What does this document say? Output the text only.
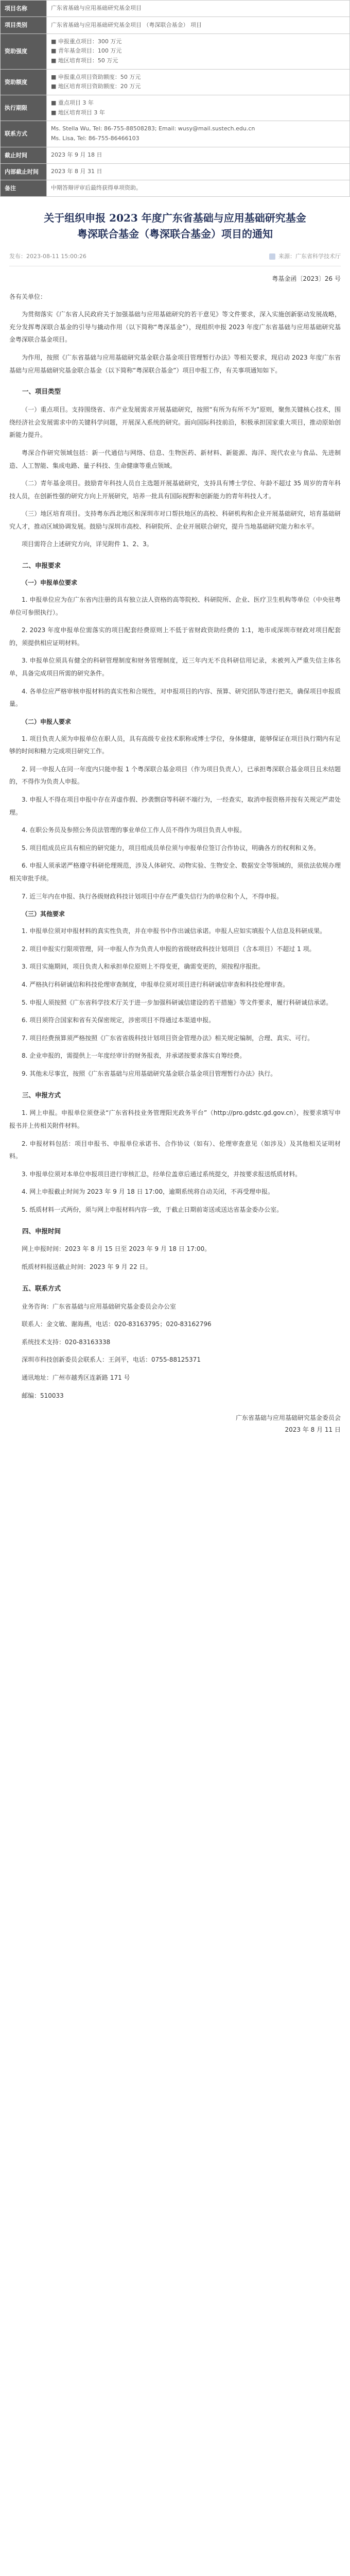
项目名称	广东省基础与应用基础研究基金项目

项目类别	广东省基础与应用基础研究基金项目 （粤深联合基金） 项目

资助强度	■ 申报重点项目：300 万元
■ 青年基金项目：100 万元
■ 地区培育项目：50 万元

资助额度	■ 申报重点项目资助额度：50 万元
■ 地区培育项目资助额度：20 万元

执行期限	■ 重点项目 3 年
■ 地区培育项目 3 年

联系方式	Ms. Stella Wu, Tel: 86-755-88508283; Email: wusy@mail.sustech.edu.cn
Ms. Lisa, Tel: 86-755-86466103

截止时间	2023 年 9 月 18 日

内部截止时间	2023 年 8 月 31 日

备注	中期答辩评审后最终获得单项资助。
关于组织申报 2023 年度广东省基础与应用基础研究基金
粤深联合基金（粤深联合基金）项目的通知
发布：2023-08-11 15:00:26	来源：广东省科学技术厅
粤基金函〔2023〕26 号

各有关单位：

为贯彻落实《广东省人民政府关于加强基础与应用基础研究的若干意见》等文件要求，深入实施创新驱动发展战略，充分发挥粤深联合基金的引导与撬动作用（以下简称“粤深基金”），现组织申报 2023 年度广东省基础与应用基础研究基金粤深联合基金项目。

为作用，按照《广东省基础与应用基础研究基金联合基金项目管理暂行办法》等相关要求，现启动 2023 年度广东省基础与应用基础研究基金联合基金（以下简称“粤深联合基金”）项目申报工作，有关事项通知如下。

一、项目类型

（一）重点项目。支持围绕省、市产业发展需求开展基础研究，按照“有所为有所不为”原则，聚焦关键核心技术，围绕经济社会发展需求中的关键科学问题，开展深入系统的研究。面向国际科技前沿，积极承担国家重大项目，推动原始创新能力提升。

粤深合作研究领域包括：新一代通信与网络、信息、生物医药、新材料、新能源、海洋、现代农业与食品、先进制造、人工智能、集成电路、量子科技、生命健康等重点领域。

（二）青年基金项目。鼓励青年科技人员自主选题开展基础研究，支持具有博士学位、年龄不超过 35 周岁的青年科技人员，在创新性强的研究方向上开展研究，培养一批具有国际视野和创新能力的青年科技人才。

（三）地区培育项目。支持粤东西北地区和深圳市对口帮扶地区的高校、科研机构和企业开展基础研究，培育基础研究人才，推动区域协调发展。鼓励与深圳市高校、科研院所、企业开展联合研究，提升当地基础研究能力和水平。

项目需符合上述研究方向，详见附件 1、2、3。

二、申报要求
（一）申报单位要求

1. 申报单位应为在广东省内注册的具有独立法人资格的高等院校、科研院所、企业、医疗卫生机构等单位（中央驻粤单位可参照执行）。

2. 2023 年度申报单位需落实的项目配套经费原则上不低于省财政资助经费的 1:1，地市或深圳市财政对项目配套的，须提供相应证明材料。

3. 申报单位须具有健全的科研管理制度和财务管理制度，近三年内无不良科研信用记录，未被列入严重失信主体名单，具备完成项目所需的研究条件。

4. 各单位应严格审核申报材料的真实性和合规性，对申报项目的内容、预算、研究团队等进行把关，确保项目申报质量。

（二）申报人要求

1. 项目负责人须为申报单位在职人员，具有高级专业技术职称或博士学位，身体健康，能够保证在项目执行期内有足够的时间和精力完成项目研究工作。

2. 同一申报人在同一年度内只能申报 1 个粤深联合基金项目（作为项目负责人），已承担粤深联合基金项目且未结题的，不得作为负责人申报。

3. 申报人不得在项目申报中存在弄虚作假、抄袭剽窃等科研不端行为，一经查实，取消申报资格并按有关规定严肃处理。

4. 在职公务员及参照公务员法管理的事业单位工作人员不得作为项目负责人申报。

5. 项目组成员应具有相应的研究能力，项目组成员单位须与申报单位签订合作协议，明确各方的权利和义务。

6. 申报人须承诺严格遵守科研伦理规范，涉及人体研究、动物实验、生物安全、数据安全等领域的，须依法依规办理相关审批手续。

7. 近三年内在申报、执行各级财政科技计划项目中存在严重失信行为的单位和个人，不得申报。

（三）其他要求

1. 申报单位须对申报材料的真实性负责，并在申报书中作出诚信承诺。申报人应如实填报个人信息及科研成果。

2. 项目申报实行限项管理，同一申报人作为负责人申报的省级财政科技计划项目（含本项目）不超过 1 项。

3. 项目实施期间，项目负责人和承担单位原则上不得变更，确需变更的，须按程序报批。

4. 严格执行科研诚信和科技伦理审查制度，申报单位须对项目进行科研诚信审查和科技伦理审查。

5. 申报人须按照《广东省科学技术厅关于进一步加强科研诚信建设的若干措施》等文件要求，履行科研诚信承诺。

6. 项目须符合国家和省有关保密规定，涉密项目不得通过本渠道申报。

7. 项目经费预算须严格按照《广东省省级科技计划项目资金管理办法》相关规定编制，合理、真实、可行。

8. 企业申报的，需提供上一年度经审计的财务报表，并承诺按要求落实自筹经费。

9. 其他未尽事宜，按照《广东省基础与应用基础研究基金联合基金项目管理暂行办法》执行。

三、申报方式

1. 网上申报。申报单位须登录“广东省科技业务管理阳光政务平台”（http://pro.gdstc.gd.gov.cn），按要求填写申报书并上传相关附件材料。

2. 申报材料包括：项目申报书、申报单位承诺书、合作协议（如有）、伦理审查意见（如涉及）及其他相关证明材料。

3. 申报单位须对本单位申报项目进行审核汇总，经单位盖章后通过系统提交，并按要求报送纸质材料。

4. 网上申报截止时间为 2023 年 9 月 18 日 17:00，逾期系统将自动关闭，不再受理申报。

5. 纸质材料一式两份，须与网上申报材料内容一致，于截止日期前寄送或送达省基金委办公室。

四、申报时间

网上申报时间：2023 年 8 月 15 日至 2023 年 9 月 18 日 17:00。

纸质材料报送截止时间：2023 年 9 月 22 日。

五、联系方式

业务咨询：广东省基础与应用基础研究基金委员会办公室

联系人：金文敏、谢海燕，电话：020-83163795；020-83162796

系统技术支持：020-83163338

深圳市科技创新委员会联系人：王剑平，电话：0755-88125371

通讯地址：广州市越秀区连新路 171 号

邮编：510033

广东省基础与应用基础研究基金委员会
2023 年 8 月 11 日
